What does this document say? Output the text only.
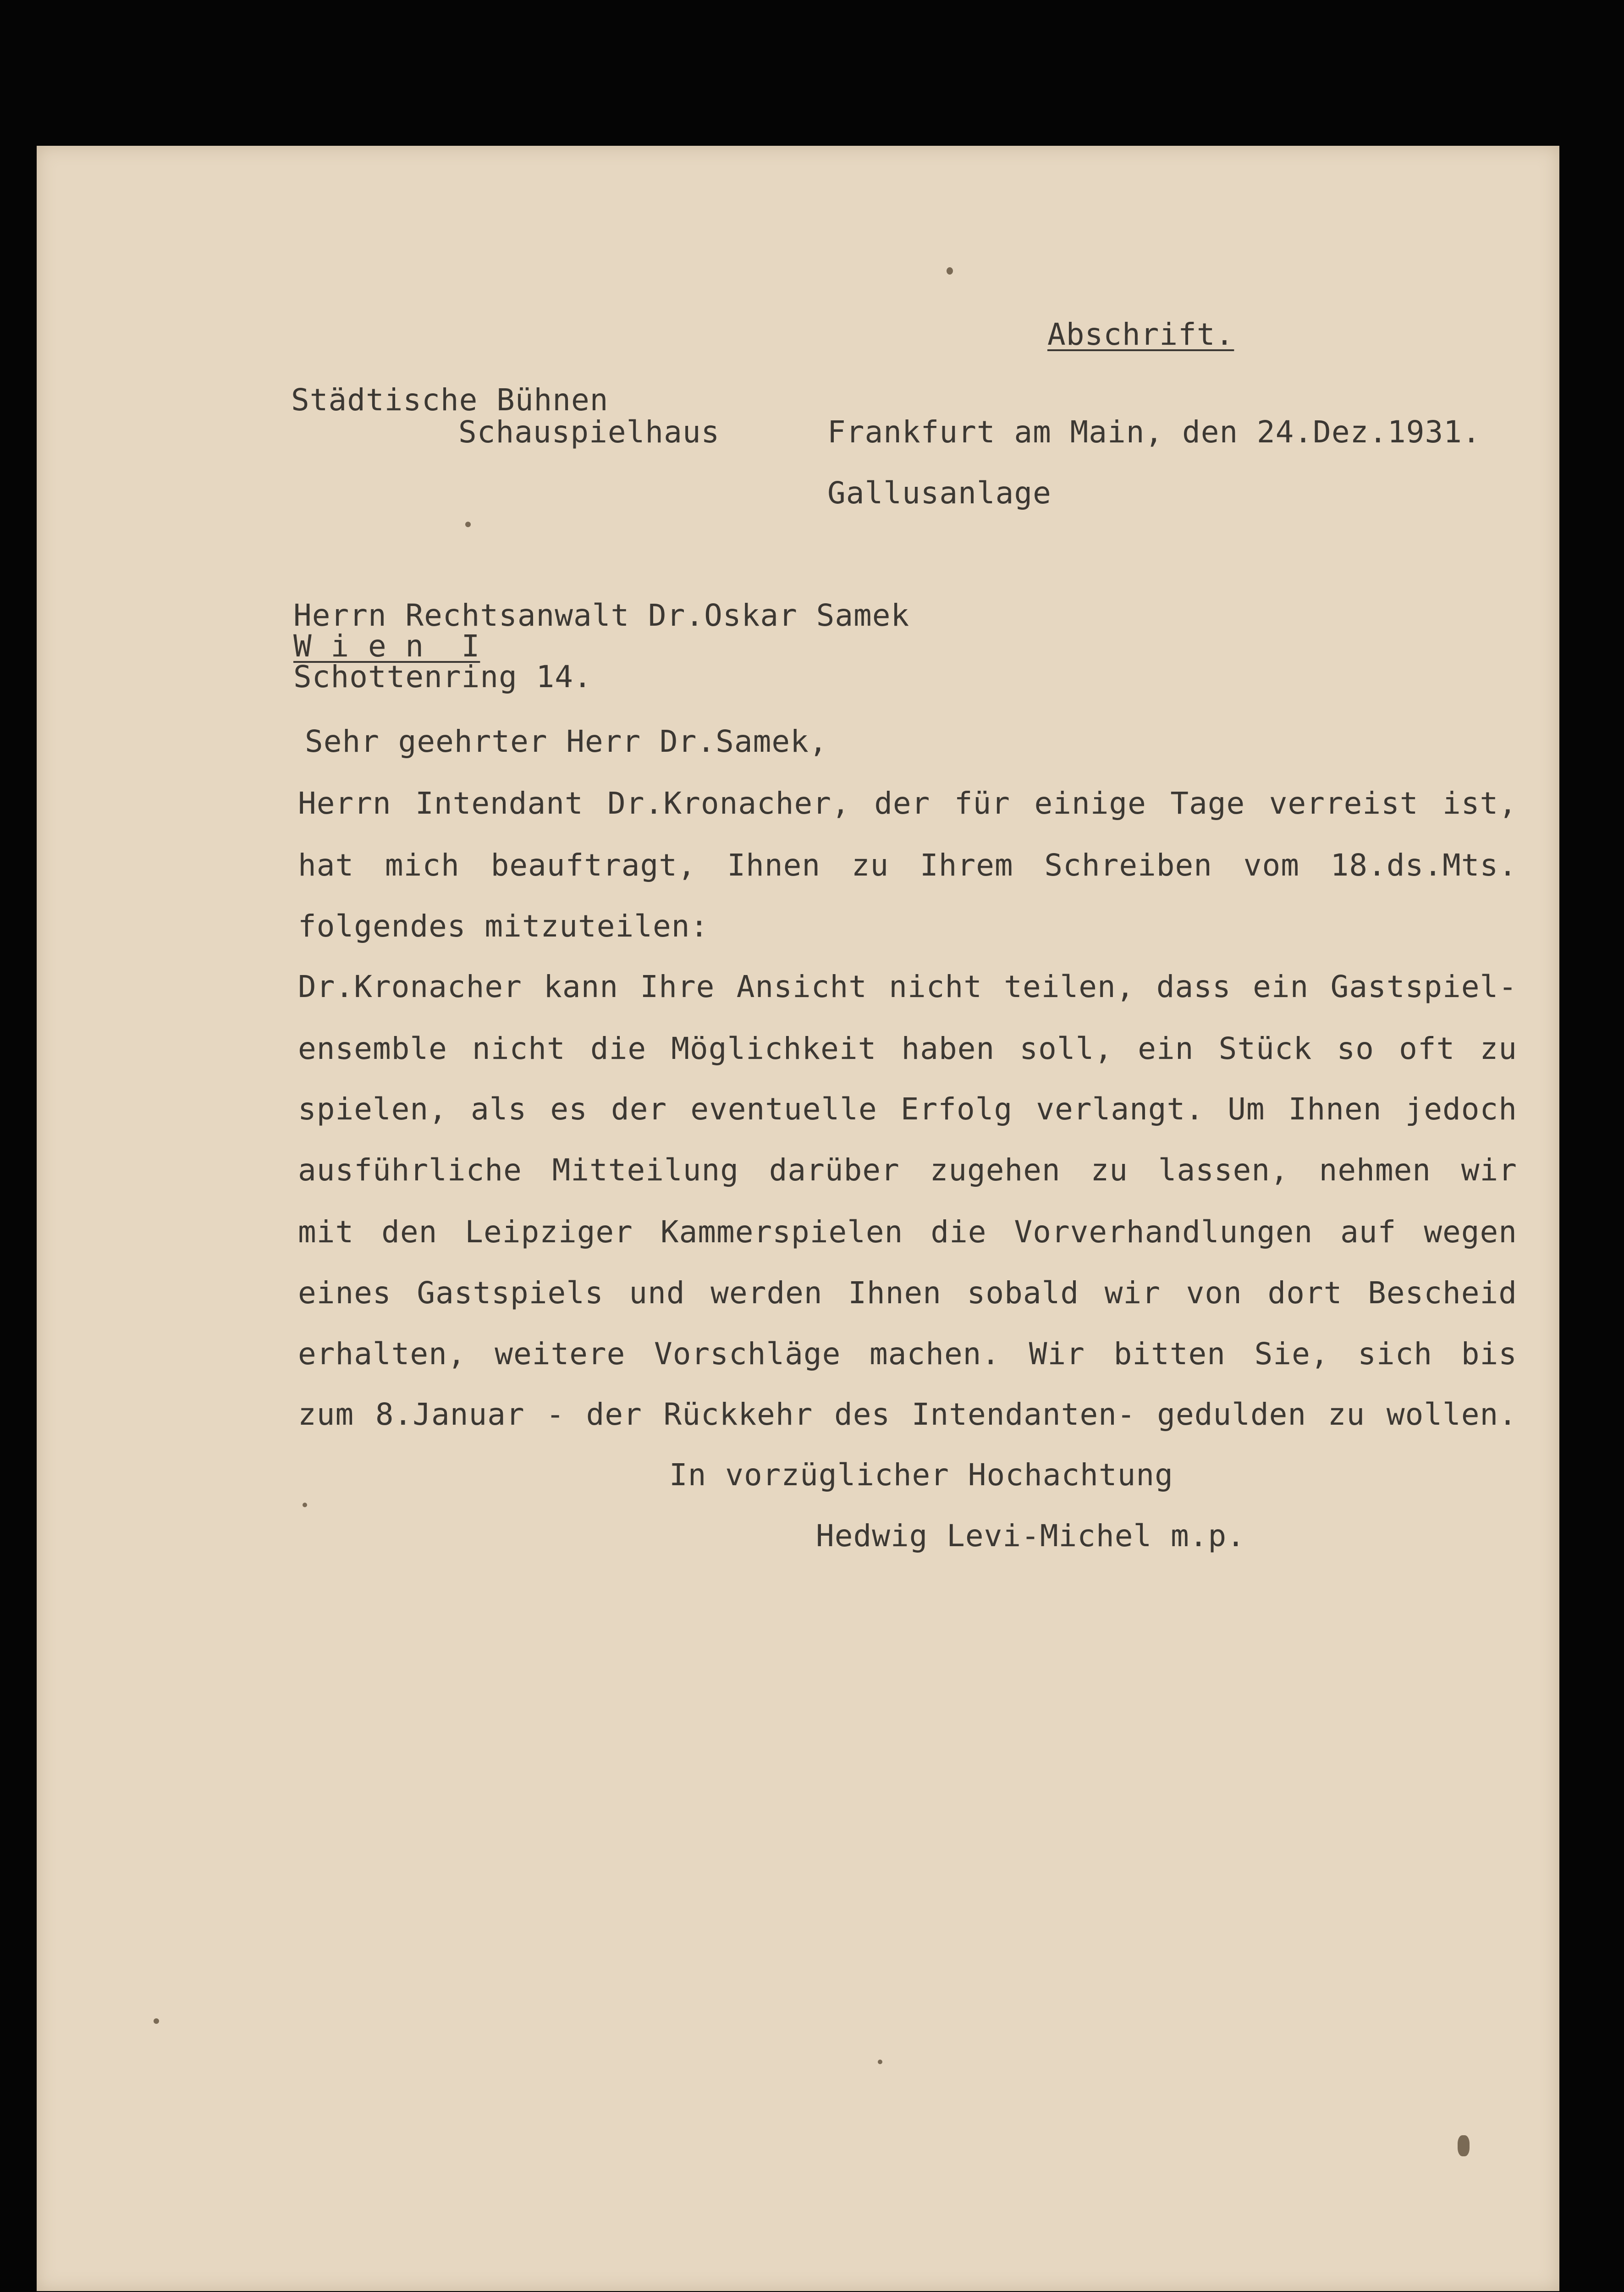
Abschrift.

Städtische Bühnen

Schauspielhaus	Frankfurt am Main, den 24.Dez.1931.

Gallusanlage

Herrn Rechtsanwalt Dr.Oskar Samek

W i e n  I

Schottenring 14.

Sehr geehrter Herr Dr.Samek,

Herrn Intendant Dr.Kronacher, der für einige Tage verreist ist,

hat mich beauftragt, Ihnen zu Ihrem Schreiben vom 18.ds.Mts.

folgendes mitzuteilen:

Dr.Kronacher kann Ihre Ansicht nicht teilen, dass ein Gastspiel-

ensemble nicht die Möglichkeit haben soll, ein Stück so oft zu

spielen, als es der eventuelle Erfolg verlangt. Um Ihnen jedoch

ausführliche Mitteilung darüber zugehen zu lassen, nehmen wir

mit den Leipziger Kammerspielen die Vorverhandlungen auf wegen

eines Gastspiels und werden Ihnen sobald wir von dort Bescheid

erhalten, weitere Vorschläge machen. Wir bitten Sie, sich bis

zum 8.Januar - der Rückkehr des Intendanten- gedulden zu wollen.

In vorzüglicher Hochachtung

Hedwig Levi-Michel m.p.
